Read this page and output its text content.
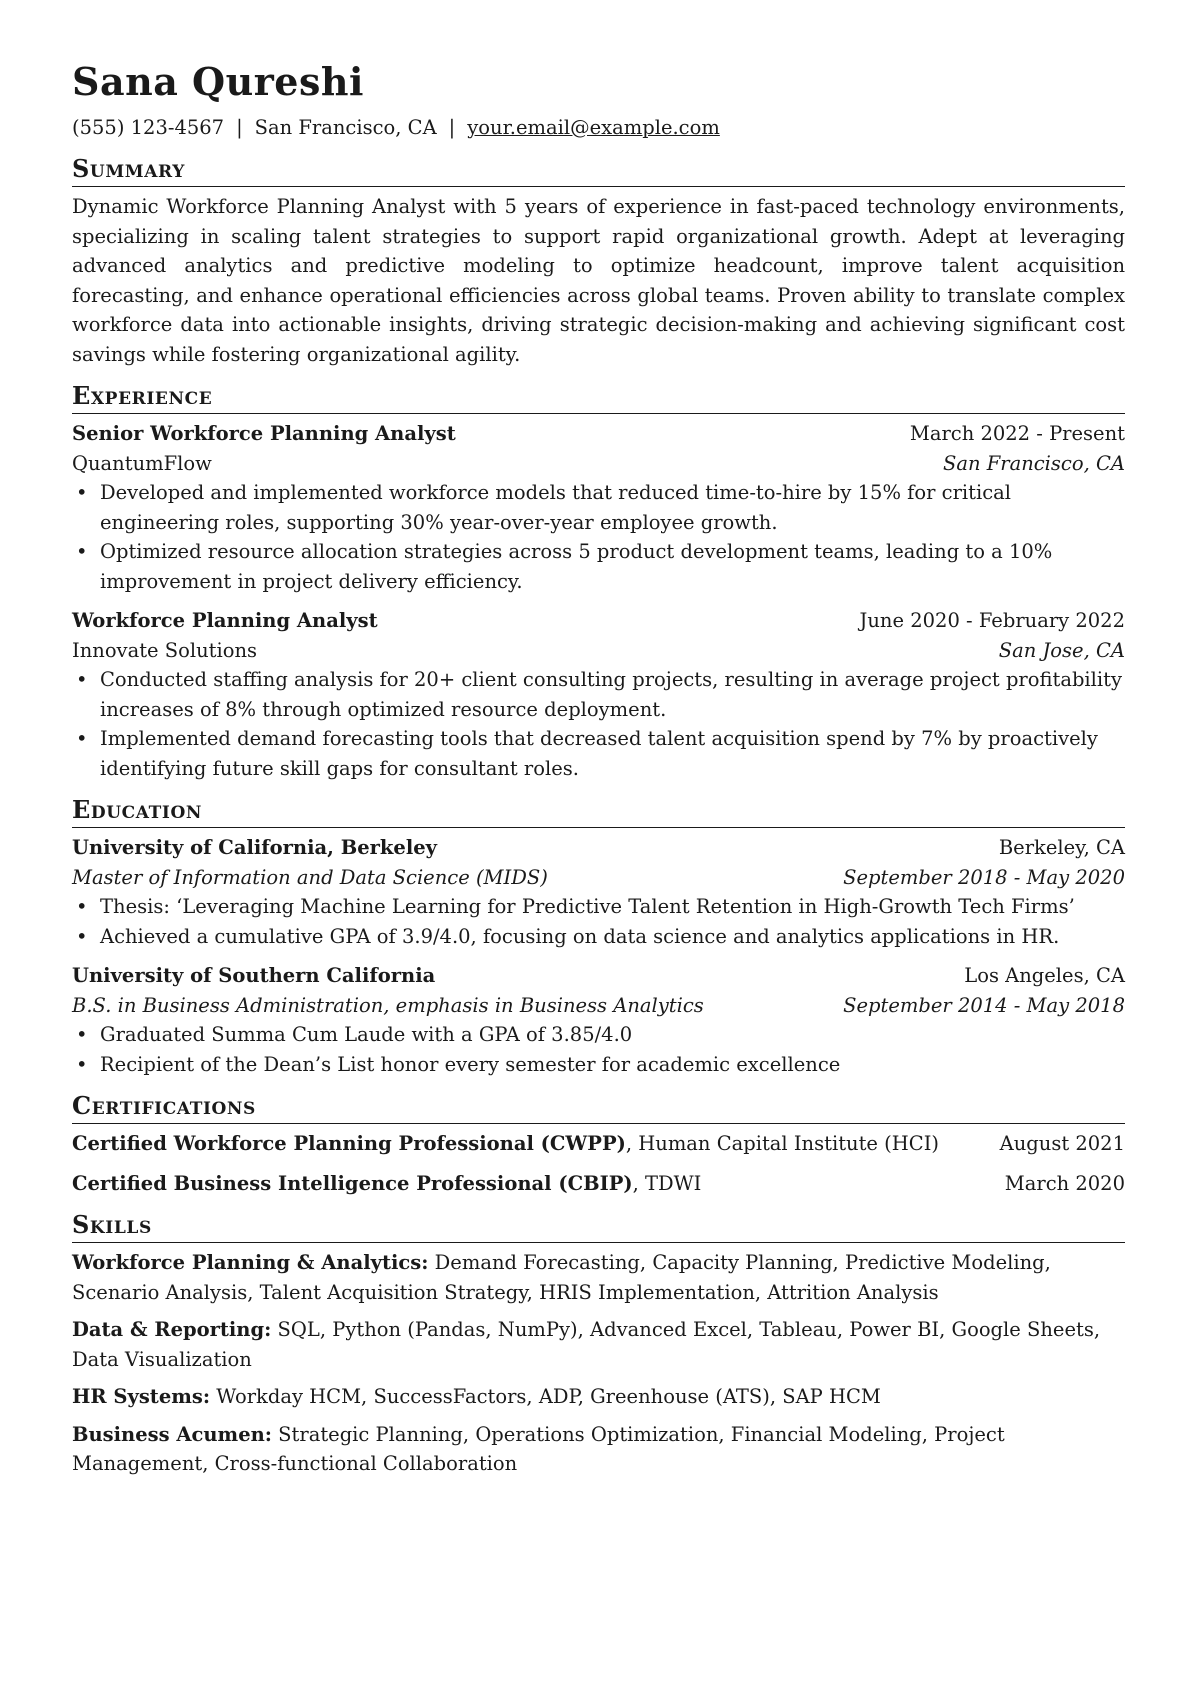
Sana Qureshi
(555) 123-4567 | San Francisco, CA | your.email@example.com
Summary
Dynamic Workforce Planning Analyst with 5 years of experience in fast-paced technology environments, specializing in scaling talent strategies to support rapid organizational growth. Adept at leveraging advanced analytics and predictive modeling to optimize headcount, improve talent acquisition forecasting, and enhance operational efficiencies across global teams. Proven ability to translate complex workforce data into actionable insights, driving strategic decision-making and achieving significant cost savings while fostering organizational agility.
Experience
Senior Workforce Planning Analyst	March 2022 - Present
QuantumFlow	San Francisco, CA
• Developed and implemented workforce models that reduced time-to-hire by 15% for critical engineering roles, supporting 30% year-over-year employee growth.
• Optimized resource allocation strategies across 5 product development teams, leading to a 10% improvement in project delivery efficiency.
Workforce Planning Analyst	June 2020 - February 2022
Innovate Solutions	San Jose, CA
• Conducted staffing analysis for 20+ client consulting projects, resulting in average project profitability increases of 8% through optimized resource deployment.
• Implemented demand forecasting tools that decreased talent acquisition spend by 7% by proactively identifying future skill gaps for consultant roles.
Education
University of California, Berkeley	Berkeley, CA
Master of Information and Data Science (MIDS)	September 2018 - May 2020
• Thesis: ‘Leveraging Machine Learning for Predictive Talent Retention in High-Growth Tech Firms’
• Achieved a cumulative GPA of 3.9/4.0, focusing on data science and analytics applications in HR.
University of Southern California	Los Angeles, CA
B.S. in Business Administration, emphasis in Business Analytics	September 2014 - May 2018
• Graduated Summa Cum Laude with a GPA of 3.85/4.0
• Recipient of the Dean’s List honor every semester for academic excellence
Certifications
Certified Workforce Planning Professional (CWPP), Human Capital Institute (HCI)	August 2021
Certified Business Intelligence Professional (CBIP), TDWI	March 2020
Skills
Workforce Planning & Analytics: Demand Forecasting, Capacity Planning, Predictive Modeling, Scenario Analysis, Talent Acquisition Strategy, HRIS Implementation, Attrition Analysis
Data & Reporting: SQL, Python (Pandas, NumPy), Advanced Excel, Tableau, Power BI, Google Sheets, Data Visualization
HR Systems: Workday HCM, SuccessFactors, ADP, Greenhouse (ATS), SAP HCM
Business Acumen: Strategic Planning, Operations Optimization, Financial Modeling, Project Management, Cross-functional Collaboration
